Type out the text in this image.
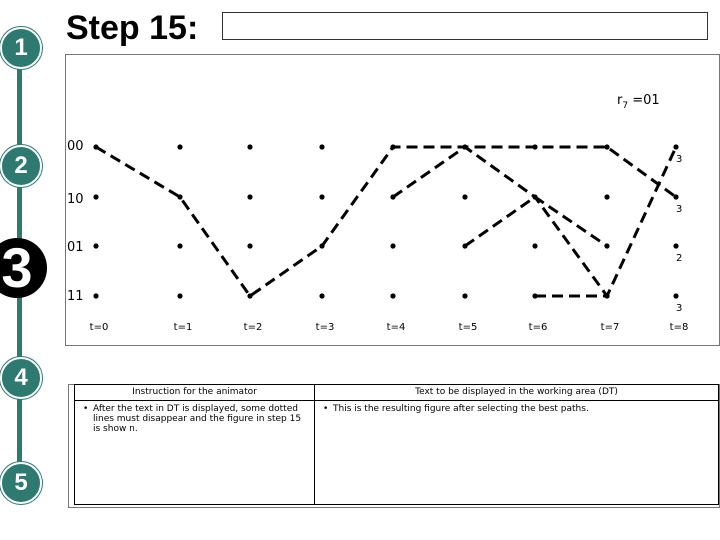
1
2
3
4
5
Step 15:
$r_7 =01$
00
10
01
11
t=0	t=1	t=2	t=3	t=4	t=5	t=6	t=7	t=8
3
3
2
3
Instruction for the animator	Text to be displayed in the working area (DT)

• After the text in DT is displayed, some dotted lines must disappear and the figure in step 15 is show n.	• This is the resulting figure after selecting the best paths.
